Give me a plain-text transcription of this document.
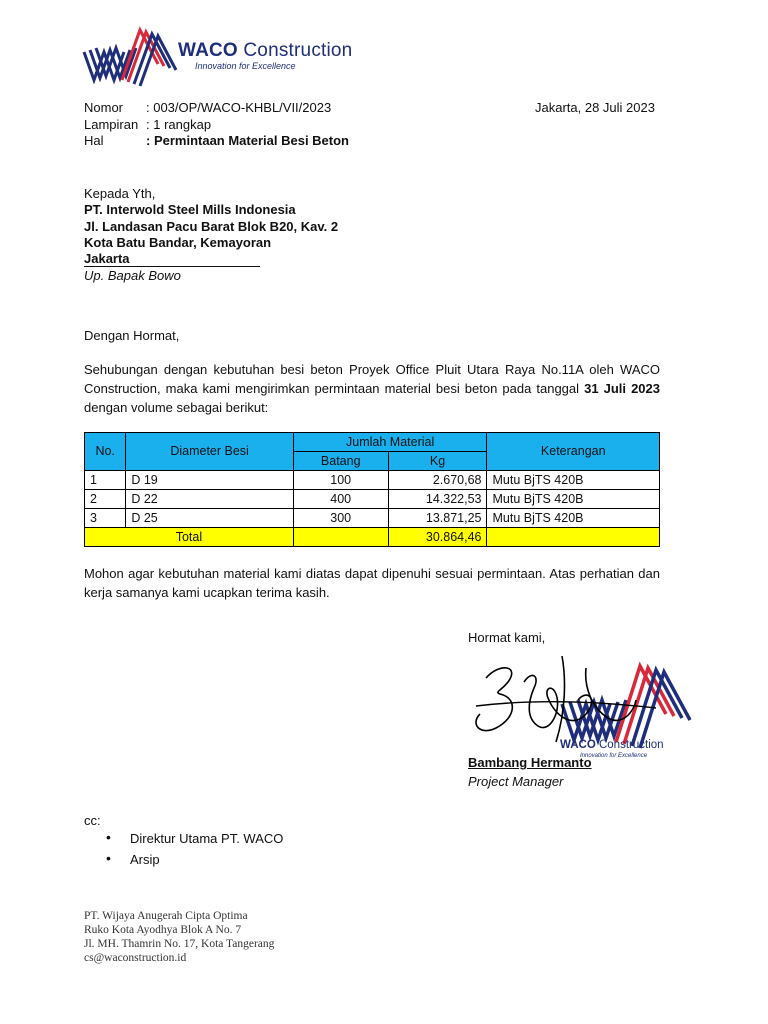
WACO Construction
Innovation for Excellence
Nomor : 003/OP/WACO-KHBL/VII/2023
Lampiran : 1 rangkap
Hal	: Permintaan Material Besi Beton
Jakarta, 28 Juli 2023
Kepada Yth,
PT. Interwold Steel Mills Indonesia
Jl. Landasan Pacu Barat Blok B20, Kav. 2
Kota Batu Bandar, Kemayoran
Jakarta
Up. Bapak Bowo
Dengan Hormat,
Sehubungan dengan kebutuhan besi beton Proyek Office Pluit Utara Raya No.11A oleh WACO Construction, maka kami mengirimkan permintaan material besi beton pada tanggal 31 Juli 2023 dengan volume sebagai berikut:
No.	Diameter Besi	Jumlah Material		Keterangan
		Batang	Kg	
1	D 19	100	2.670,68	Mutu BjTS 420B
2	D 22	400	14.322,53	Mutu BjTS 420B
3	D 25	300	13.871,25	Mutu BjTS 420B
Total			30.864,46	
Mohon agar kebutuhan material kami diatas dapat dipenuhi sesuai permintaan. Atas perhatian dan kerja samanya kami ucapkan terima kasih.
Hormat kami,
WACO Construction
Innovation for Excellence
Bambang Hermanto
Project Manager
cc:
• Direktur Utama PT. WACO
• Arsip
PT. Wijaya Anugerah Cipta Optima
Ruko Kota Ayodhya Blok A No. 7
Jl. MH. Thamrin No. 17, Kota Tangerang
cs@waconstruction.id
